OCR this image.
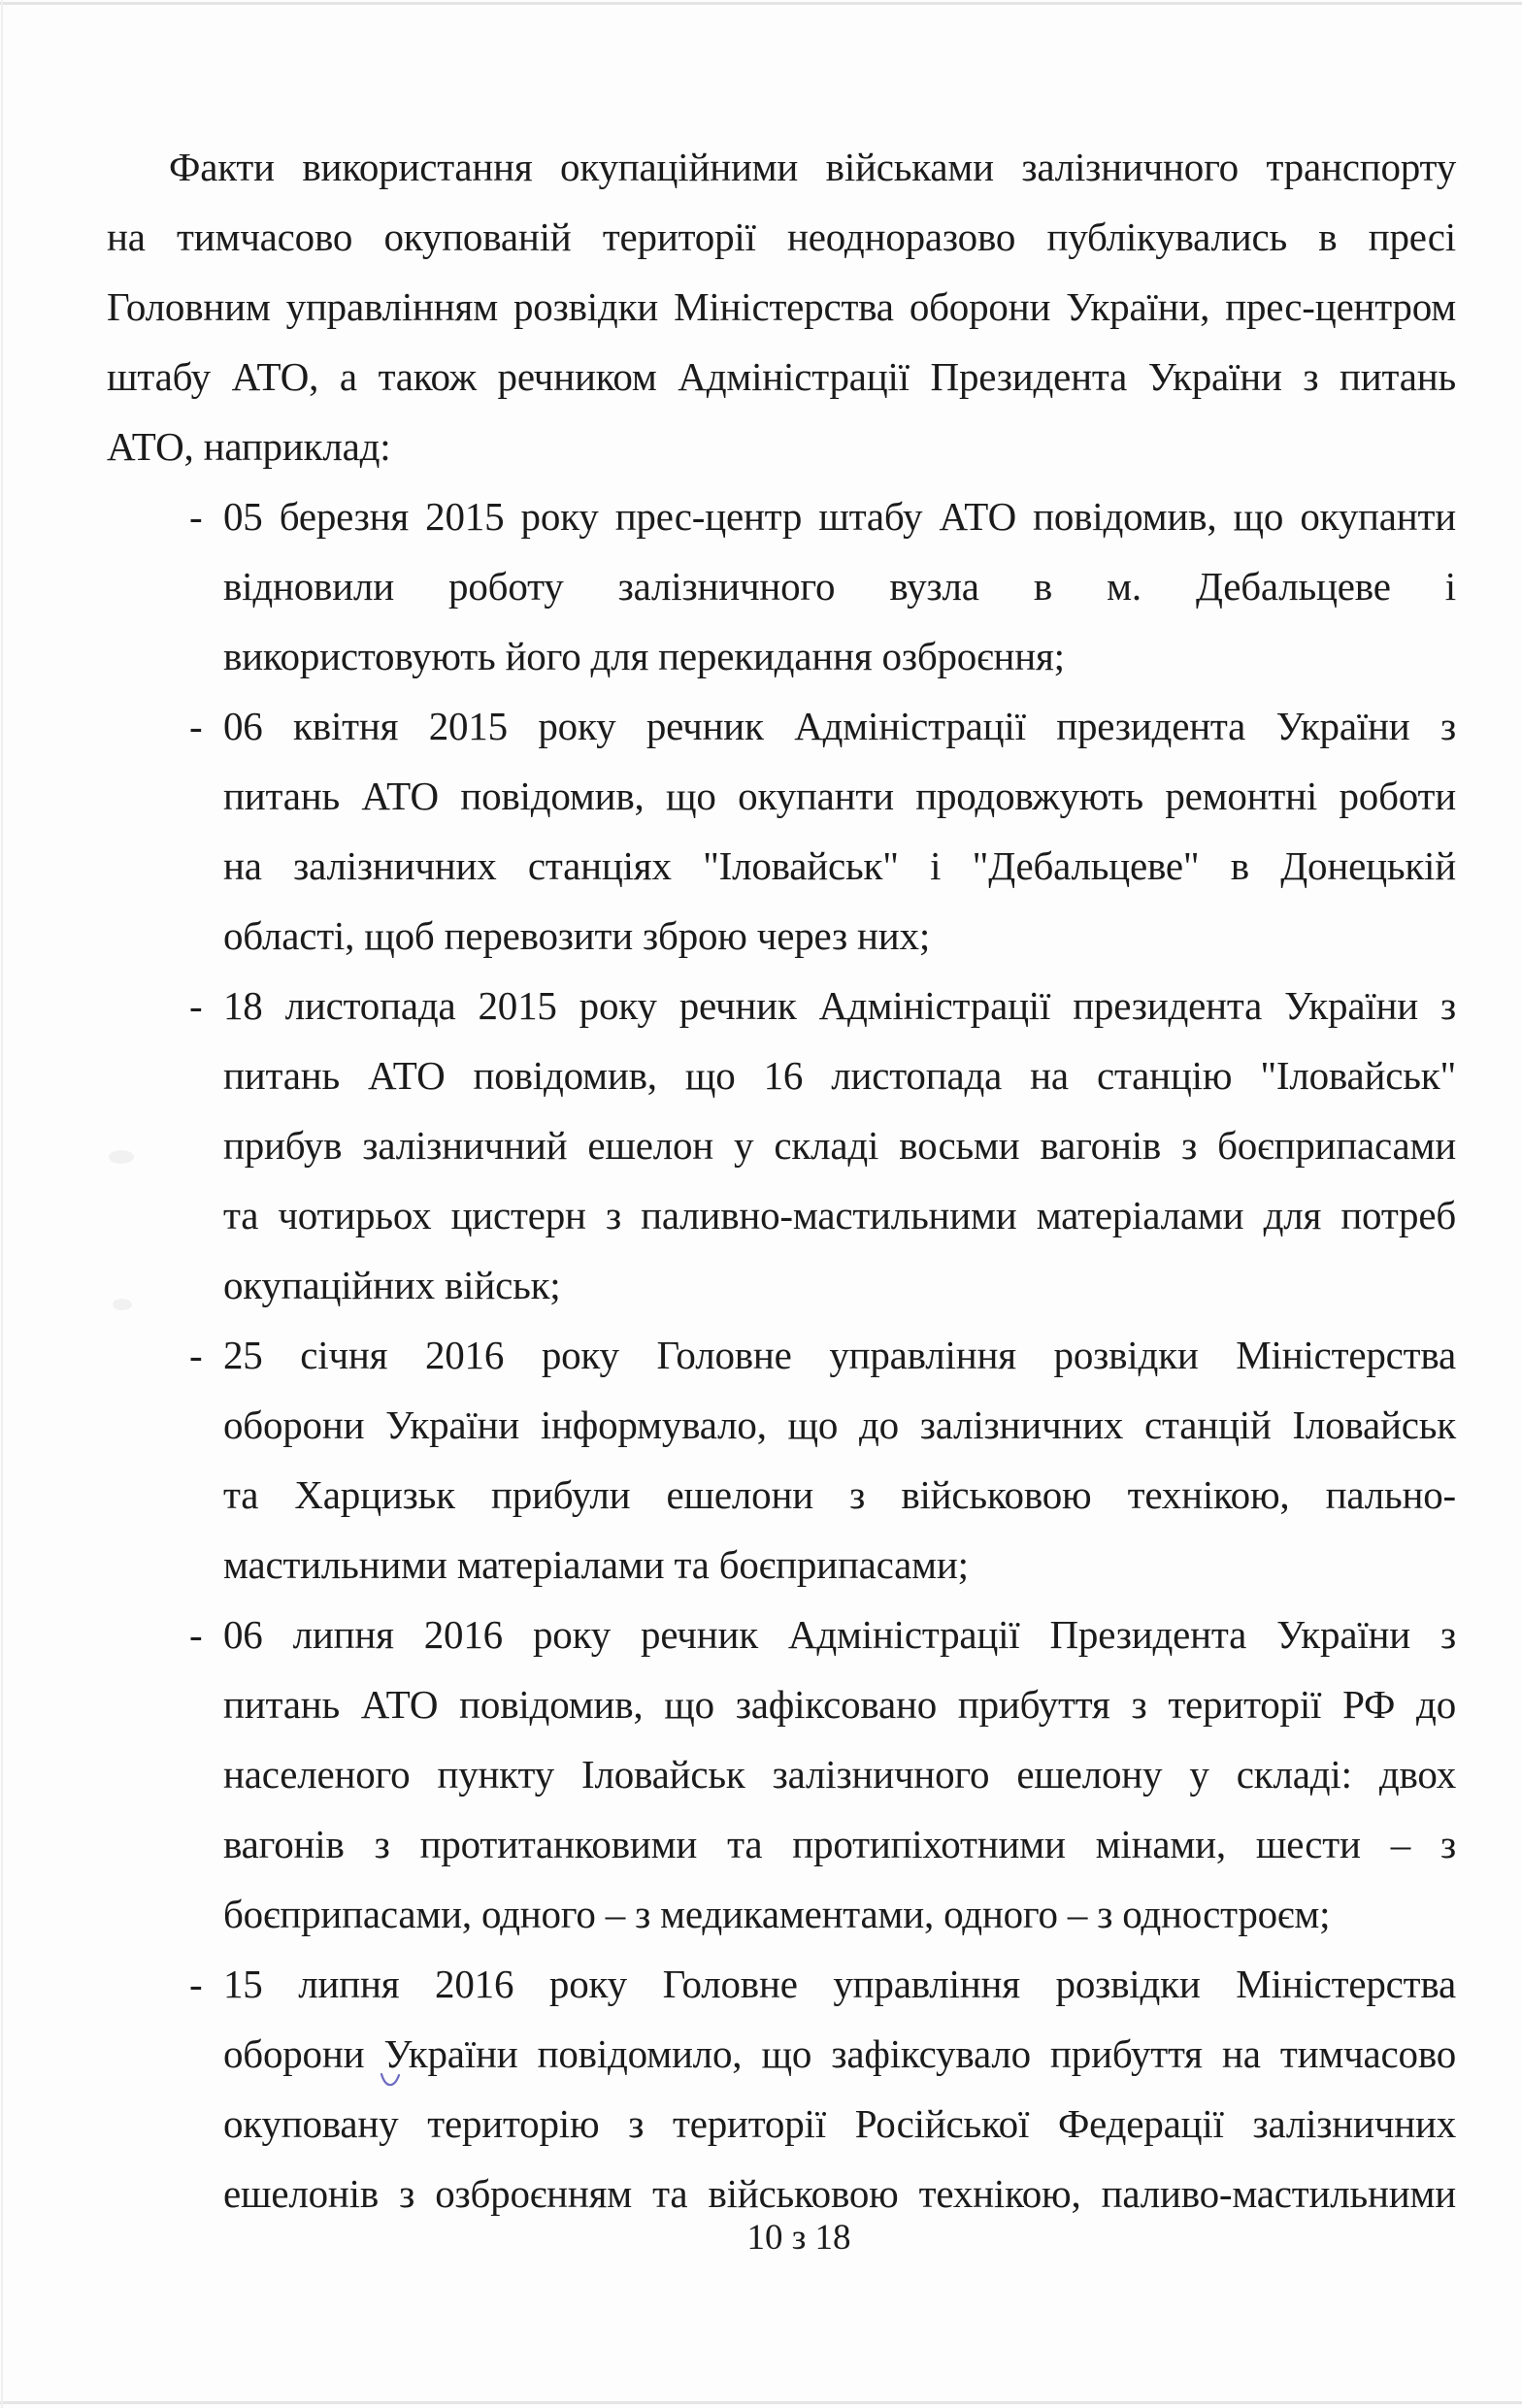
Факти використання окупаційними військами залізничного транспорту
на тимчасово окупованій території неодноразово публікувались в пресі
Головним управлінням розвідки Міністерства оборони України, прес-центром
штабу АТО, а також речником Адміністрації Президента України з питань
АТО, наприклад:
- 05 березня 2015 року прес-центр штабу АТО повідомив, що окупанти
відновили роботу залізничного вузла в м. Дебальцеве і
використовують його для перекидання озброєння;
- 06 квітня 2015 року речник Адміністрації президента України з
питань АТО повідомив, що окупанти продовжують ремонтні роботи
на залізничних станціях "Іловайськ" і "Дебальцеве" в Донецькій
області, щоб перевозити зброю через них;
- 18 листопада 2015 року речник Адміністрації президента України з
питань АТО повідомив, що 16 листопада на станцію "Іловайськ"
прибув залізничний ешелон у складі восьми вагонів з боєприпасами
та чотирьох цистерн з паливно-мастильними матеріалами для потреб
окупаційних військ;
- 25 січня 2016 року Головне управління розвідки Міністерства
оборони України інформувало, що до залізничних станцій Іловайськ
та Харцизьк прибули ешелони з військовою технікою, пально-
мастильними матеріалами та боєприпасами;
- 06 липня 2016 року речник Адміністрації Президента України з
питань АТО повідомив, що зафіксовано прибуття з території РФ до
населеного пункту Іловайськ залізничного ешелону у складі: двох
вагонів з протитанковими та протипіхотними мінами, шести – з
боєприпасами, одного – з медикаментами, одного – з одностроєм;
- 15 липня 2016 року Головне управління розвідки Міністерства
оборони України повідомило, що зафіксувало прибуття на тимчасово
окуповану територію з території Російської Федерації залізничних
ешелонів з озброєнням та військовою технікою, паливо-мастильними
10 з 18
